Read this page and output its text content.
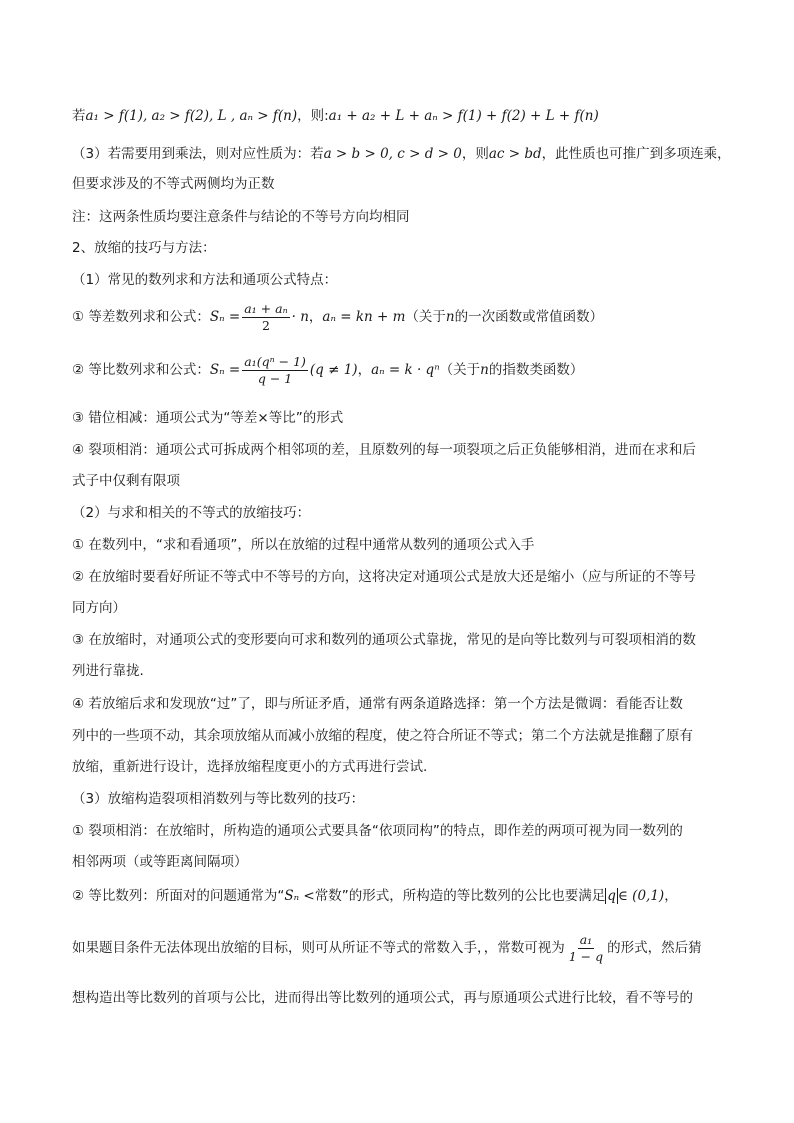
若a₁ > f(1), a₂ > f(2), L , aₙ > f(n)，则:a₁ + a₂ + L + aₙ > f(1) + f(2) + L + f(n)
（3）若需要用到乘法，则对应性质为：若a > b > 0, c > d > 0，则ac > bd，此性质也可推广到多项连乘，
但要求涉及的不等式两侧均为正数
注：这两条性质均要注意条件与结论的不等号方向均相同
2、放缩的技巧与方法：
（1）常见的数列求和方法和通项公式特点：
① 等差数列求和公式：$S_n = \frac{\text{a₁ + aₙ}}{2} \cdot n$，aₙ = kn + m（关于n的一次函数或常值函数）
② 等比数列求和公式：$S_n = \frac{\text{a₁(qⁿ − 1)}}{q - 1} (q \ne 1)$，aₙ = k · qⁿ（关于n的指数类函数）
③ 错位相减：通项公式为“等差×等比”的形式
④ 裂项相消：通项公式可拆成两个相邻项的差，且原数列的每一项裂项之后正负能够相消，进而在求和后
式子中仅剩有限项
（2）与求和相关的不等式的放缩技巧：
① 在数列中，“求和看通项”，所以在放缩的过程中通常从数列的通项公式入手
② 在放缩时要看好所证不等式中不等号的方向，这将决定对通项公式是放大还是缩小（应与所证的不等号
同方向）
③ 在放缩时，对通项公式的变形要向可求和数列的通项公式靠拢，常见的是向等比数列与可裂项相消的数
列进行靠拢.
④ 若放缩后求和发现放“过”了，即与所证矛盾，通常有两条道路选择：第一个方法是微调：看能否让数
列中的一些项不动，其余项放缩从而减小放缩的程度，使之符合所证不等式；第二个方法就是推翻了原有
放缩，重新进行设计，选择放缩程度更小的方式再进行尝试.
（3）放缩构造裂项相消数列与等比数列的技巧：
① 裂项相消：在放缩时，所构造的通项公式要具备“依项同构”的特点，即作差的两项可视为同一数列的
相邻两项（或等距离间隔项）
② 等比数列：所面对的问题通常为“Sₙ <常数”的形式，所构造的等比数列的公比也要满足 q ∈ (0,1)，
如果题目条件无法体现出放缩的目标，则可从所证不等式的常数入手，，常数可视为 $\frac{\text{a₁}}{1 - q}$ 的形式，然后猜
想构造出等比数列的首项与公比，进而得出等比数列的通项公式，再与原通项公式进行比较，看不等号的
